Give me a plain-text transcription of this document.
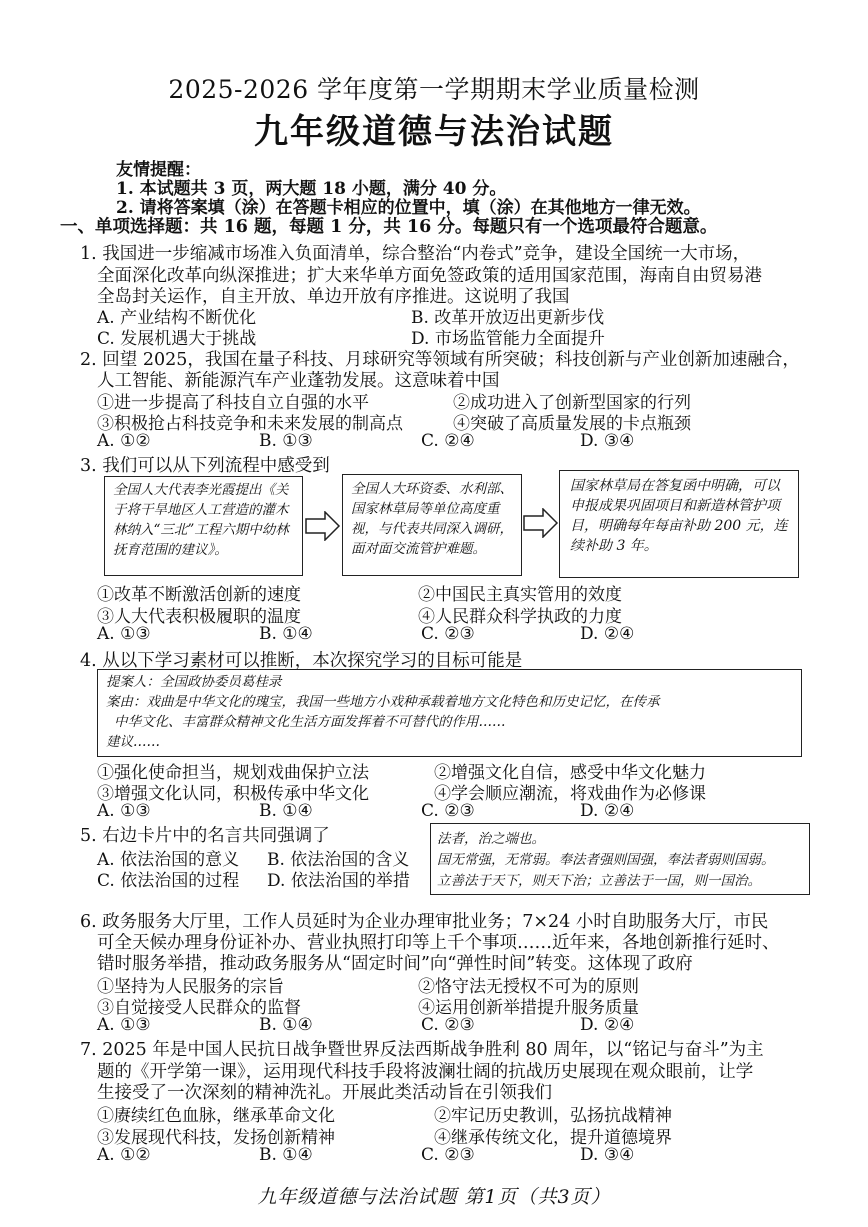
2025-2026 学年度第一学期期末学业质量检测
九年级道德与法治试题
友情提醒：
1. 本试题共 3 页，两大题 18 小题，满分 40 分。
2. 请将答案填（涂）在答题卡相应的位置中，填（涂）在其他地方一律无效。
一、单项选择题：共 16 题，每题 1 分，共 16 分。每题只有一个选项最符合题意。
1. 我国进一步缩减市场准入负面清单，综合整治“内卷式”竞争，建设全国统一大市场，
全面深化改革向纵深推进；扩大来华单方面免签政策的适用国家范围，海南自由贸易港
全岛封关运作，自主开放、单边开放有序推进。这说明了我国
A. 产业结构不断优化	B. 改革开放迈出更新步伐
C. 发展机遇大于挑战	D. 市场监管能力全面提升
2. 回望 2025，我国在量子科技、月球研究等领域有所突破；科技创新与产业创新加速融合，
人工智能、新能源汽车产业蓬勃发展。这意味着中国
①进一步提高了科技自立自强的水平	②成功进入了创新型国家的行列
③积极抢占科技竞争和未来发展的制高点	④突破了高质量发展的卡点瓶颈
A. ①②	B. ①③	C. ②④	D. ③④
3. 我们可以从下列流程中感受到
全国人大代表李光霞提出《关于将干旱地区人工营造的灌木林纳入“三北”工程六期中幼林抚育范围的建议》。
全国人大环资委、水利部、国家林草局等单位高度重视，与代表共同深入调研，面对面交流管护难题。
国家林草局在答复函中明确，可以申报成果巩固项目和新造林管护项目，明确每年每亩补助 200 元，连续补助 3 年。
①改革不断激活创新的速度	②中国民主真实管用的效度
③人大代表积极履职的温度	④人民群众科学执政的力度
A. ①③	B. ①④	C. ②③	D. ②④
4. 从以下学习素材可以推断，本次探究学习的目标可能是
提案人：全国政协委员葛桂录
案由：戏曲是中华文化的瑰宝，我国一些地方小戏种承载着地方文化特色和历史记忆，在传承
中华文化、丰富群众精神文化生活方面发挥着不可替代的作用……
建议……
①强化使命担当，规划戏曲保护立法	②增强文化自信，感受中华文化魅力
③增强文化认同，积极传承中华文化	④学会顺应潮流，将戏曲作为必修课
A. ①③	B. ①④	C. ②③	D. ②④
5. 右边卡片中的名言共同强调了
A. 依法治国的意义 B. 依法治国的含义
C. 依法治国的过程 D. 依法治国的举措
法者，治之端也。
国无常强，无常弱。奉法者强则国强，奉法者弱则国弱。
立善法于天下，则天下治；立善法于一国，则一国治。
6. 政务服务大厅里，工作人员延时为企业办理审批业务；7×24 小时自助服务大厅，市民
可全天候办理身份证补办、营业执照打印等上千个事项……近年来，各地创新推行延时、
错时服务举措，推动政务服务从“固定时间”向“弹性时间”转变。这体现了政府
①坚持为人民服务的宗旨	②恪守法无授权不可为的原则
③自觉接受人民群众的监督	④运用创新举措提升服务质量
A. ①③	B. ①④	C. ②③	D. ②④
7. 2025 年是中国人民抗日战争暨世界反法西斯战争胜利 80 周年，以“铭记与奋斗”为主
题的《开学第一课》，运用现代科技手段将波澜壮阔的抗战历史展现在观众眼前，让学
生接受了一次深刻的精神洗礼。开展此类活动旨在引领我们
①赓续红色血脉，继承革命文化	②牢记历史教训，弘扬抗战精神
③发展现代科技，发扬创新精神	④继承传统文化，提升道德境界
A. ①②	B. ①④	C. ②③	D. ③④
九年级道德与法治试题 第1页（共3页）
